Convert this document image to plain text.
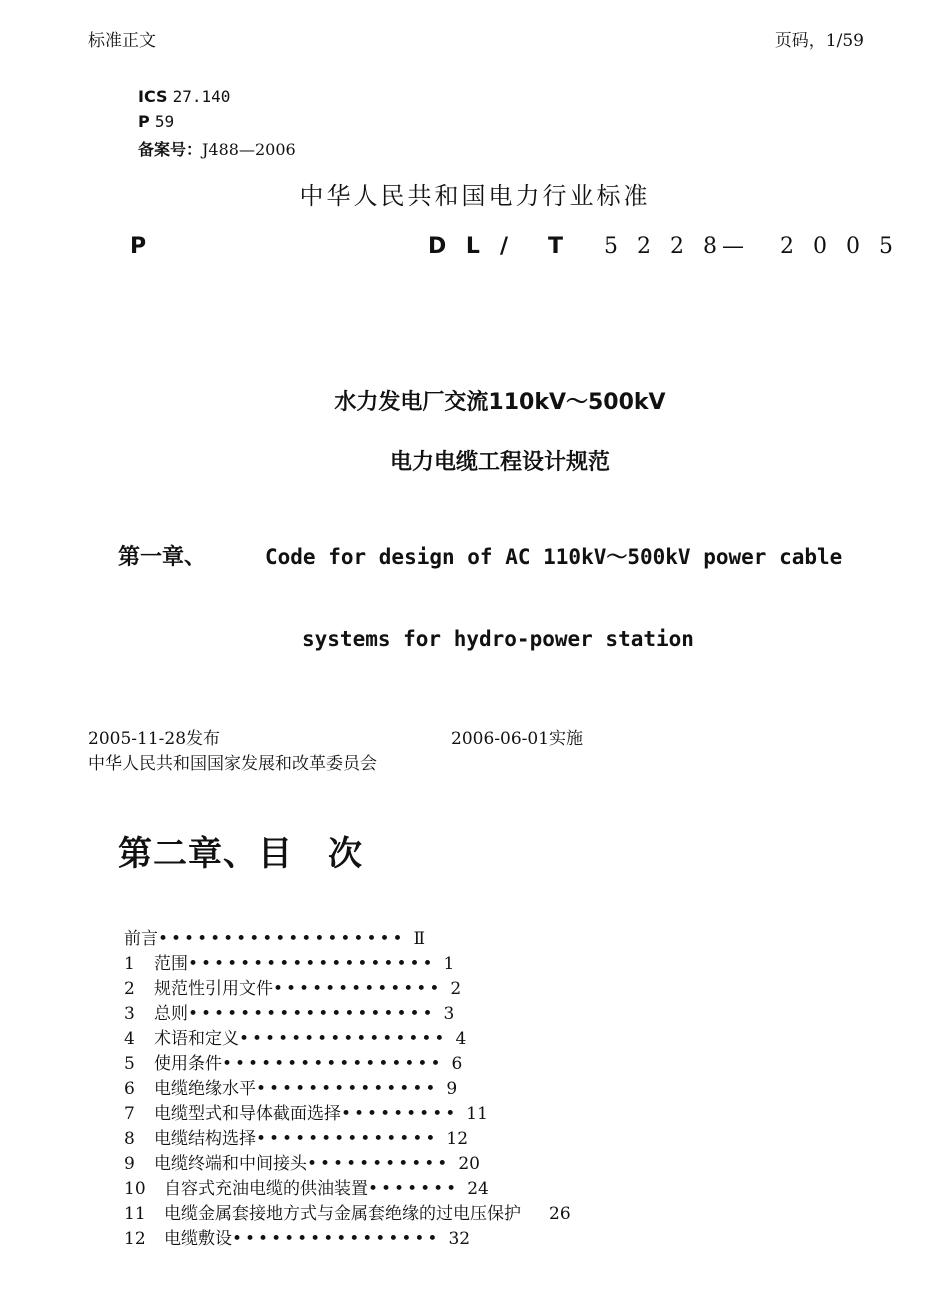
标准正文	页码，1/59
ICS 27.140
P 59
备案号：J488—2006
中华人民共和国电力行业标准
P	D L / T 5 2 2 8 — 2 0 0 5
水力发电厂交流110kV～500kV
电力电缆工程设计规范
第一章、	Code for design of AC 110kV～500kV power cable
systems for hydro-power station
2005-11-28发布	2006-06-01实施
中华人民共和国国家发展和改革委员会
第二章、目　次
前言 ••••••••••••••••••• Ⅱ
1	范围 ••••••••••••••••••• 1
2	规范性引用文件 ••••••••••••• 2
3	总则 ••••••••••••••••••• 3
4	术语和定义 •••••••••••••••• 4
5	使用条件 ••••••••••••••••• 6
6	电缆绝缘水平 •••••••••••••• 9
7	电缆型式和导体截面选择 ••••••••• 11
8	电缆结构选择 •••••••••••••• 12
9	电缆终端和中间接头 ••••••••••• 20
10	自容式充油电缆的供油装置 ••••••• 24
11	电缆金属套接地方式与金属套绝缘的过电压保护 26
12	电缆敷设 •••••••••••••••• 32
